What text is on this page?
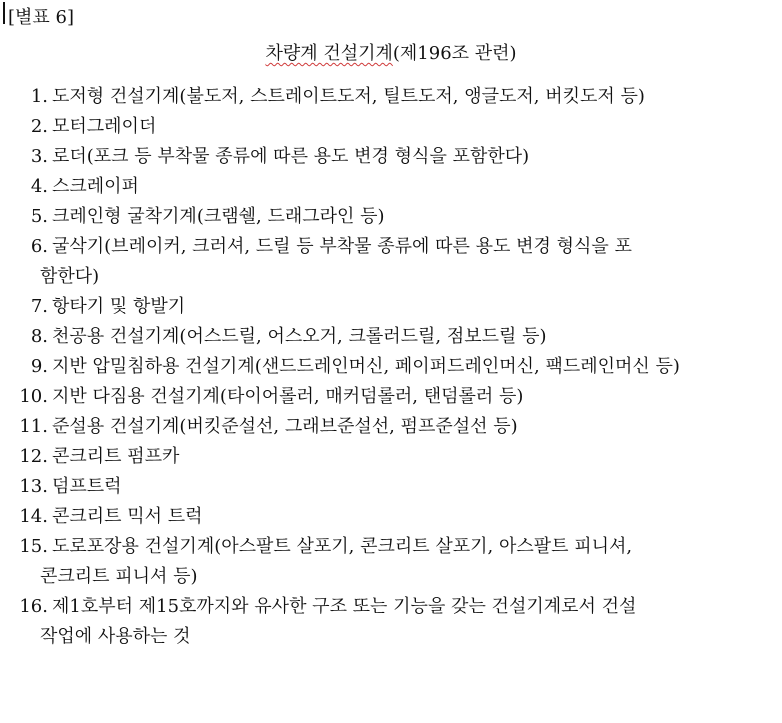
[별표 6]
차량계 건설기계(제196조 관련)
1. 도저형 건설기계(불도저, 스트레이트도저, 틸트도저, 앵글도저, 버킷도저 등)
2. 모터그레이더
3. 로더(포크 등 부착물 종류에 따른 용도 변경 형식을 포함한다)
4. 스크레이퍼
5. 크레인형 굴착기계(크램쉘, 드래그라인 등)
6. 굴삭기(브레이커, 크러셔, 드릴 등 부착물 종류에 따른 용도 변경 형식을 포
함한다)
7. 항타기 및 항발기
8. 천공용 건설기계(어스드릴, 어스오거, 크롤러드릴, 점보드릴 등)
9. 지반 압밀침하용 건설기계(샌드드레인머신, 페이퍼드레인머신, 팩드레인머신 등)
10. 지반 다짐용 건설기계(타이어롤러, 매커덤롤러, 탠덤롤러 등)
11. 준설용 건설기계(버킷준설선, 그래브준설선, 펌프준설선 등)
12. 콘크리트 펌프카
13. 덤프트럭
14. 콘크리트 믹서 트럭
15. 도로포장용 건설기계(아스팔트 살포기, 콘크리트 살포기, 아스팔트 피니셔,
콘크리트 피니셔 등)
16. 제1호부터 제15호까지와 유사한 구조 또는 기능을 갖는 건설기계로서 건설
작업에 사용하는 것
